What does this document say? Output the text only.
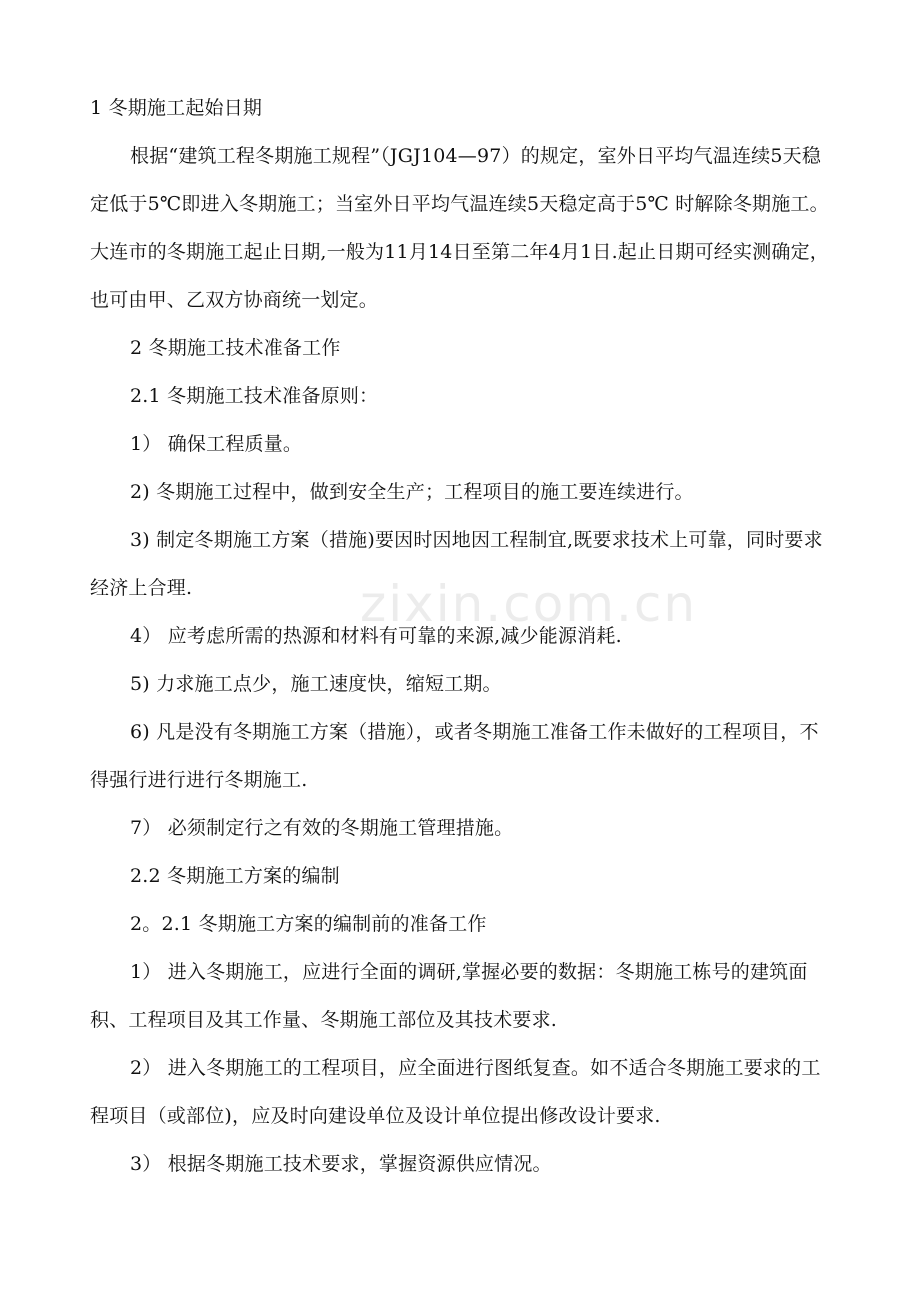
zixin.com.cn

1 冬期施工起始日期

根据“建筑工程冬期施工规程”（JGJ104—97）的规定，室外日平均气温连续5天稳定低于5℃即进入冬期施工；当室外日平均气温连续5天稳定高于5℃ 时解除冬期施工。大连市的冬期施工起止日期,一般为11月14日至第二年4月1日.起止日期可经实测确定，也可由甲、乙双方协商统一划定。

2 冬期施工技术准备工作

2.1 冬期施工技术准备原则：

1） 确保工程质量。

2) 冬期施工过程中，做到安全生产；工程项目的施工要连续进行。

3) 制定冬期施工方案（措施)要因时因地因工程制宜,既要求技术上可靠，同时要求经济上合理.

4） 应考虑所需的热源和材料有可靠的来源,减少能源消耗.

5) 力求施工点少，施工速度快，缩短工期。

6) 凡是没有冬期施工方案（措施），或者冬期施工准备工作未做好的工程项目，不得强行进行进行冬期施工.

7） 必须制定行之有效的冬期施工管理措施。

2.2 冬期施工方案的编制

2。2.1 冬期施工方案的编制前的准备工作

1） 进入冬期施工，应进行全面的调研,掌握必要的数据：冬期施工栋号的建筑面积、工程项目及其工作量、冬期施工部位及其技术要求.

2） 进入冬期施工的工程项目，应全面进行图纸复查。如不适合冬期施工要求的工程项目（或部位)，应及时向建设单位及设计单位提出修改设计要求.

3） 根据冬期施工技术要求，掌握资源供应情况。
